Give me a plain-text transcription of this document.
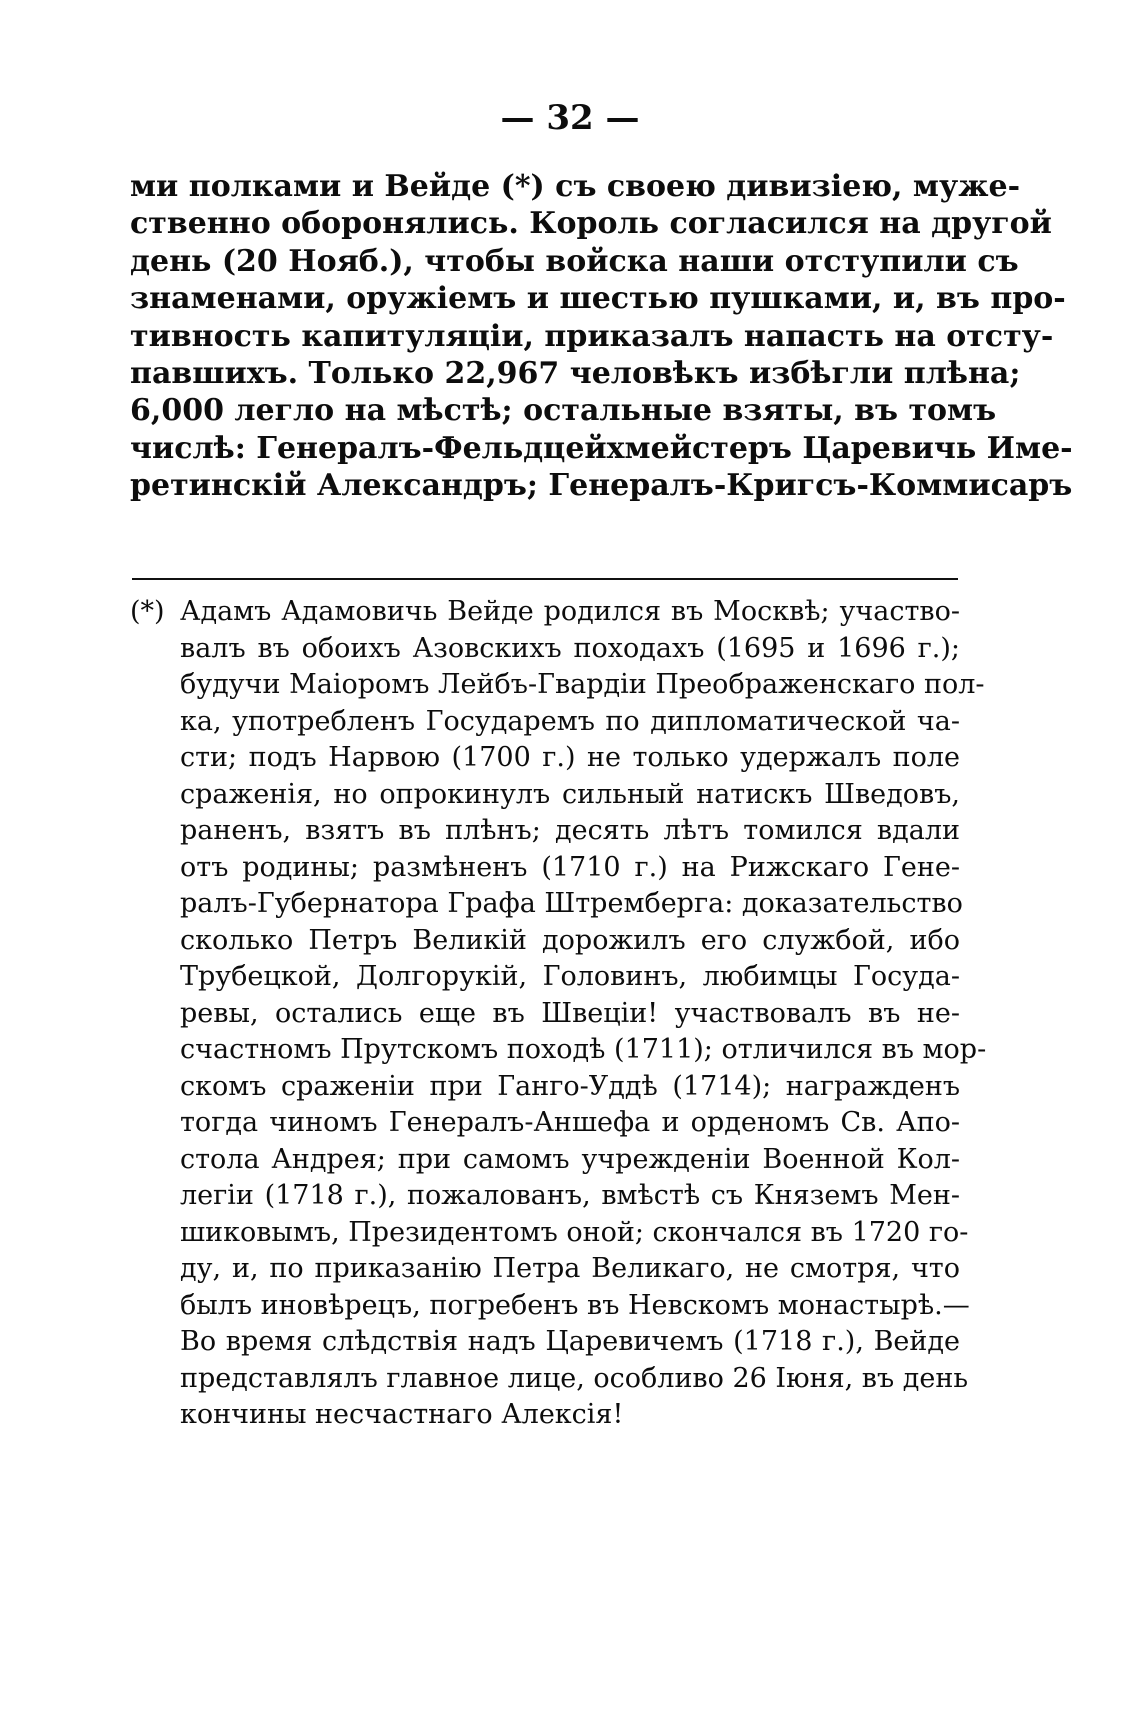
— 32 —
ми полками и Вейде (*) съ своею дивизіею, муже-
ственно оборонялись. Король согласился на другой
день (20 Нояб.), чтобы войска наши отступили съ
знаменами, оружіемъ и шестью пушками, и, въ про-
тивность капитуляціи, приказалъ напасть на отсту-
павшихъ. Только 22,967 человѣкъ избѣгли плѣна;
6,000 легло на мѣстѣ; остальные взяты, въ томъ
числѣ: Генералъ-Фельдцейхмейстеръ Царевичь Име-
ретинскій Александръ; Генералъ-Кригсъ-Коммисаръ
(*) Адамъ Адамовичь Вейде родился въ Москвѣ; участво-
валъ въ обоихъ Азовскихъ походахъ (1695 и 1696 г.);
будучи Маіоромъ Лейбъ-Гвардіи Преображенскаго пол-
ка, употребленъ Государемъ по дипломатической ча-
сти; подъ Нарвою (1700 г.) не только удержалъ поле
сраженія, но опрокинулъ сильный натискъ Шведовъ,
раненъ, взятъ въ плѣнъ; десять лѣтъ томился вдали
отъ родины; размѣненъ (1710 г.) на Рижскаго Гене-
ралъ-Губернатора Графа Штремберга: доказательство
сколько Петръ Великій дорожилъ его службой, ибо
Трубецкой, Долгорукій, Головинъ, любимцы Госуда-
ревы, остались еще въ Швеціи! участвовалъ въ не-
счастномъ Прутскомъ походѣ (1711); отличился въ мор-
скомъ сраженіи при Ганго-Уддѣ (1714); награжденъ
тогда чиномъ Генералъ-Аншефа и орденомъ Св. Апо-
стола Андрея; при самомъ учрежденіи Военной Кол-
легіи (1718 г.), пожалованъ, вмѣстѣ съ Княземъ Мен-
шиковымъ, Президентомъ оной; скончался въ 1720 го-
ду, и, по приказанію Петра Великаго, не смотря, что
былъ иновѣрецъ, погребенъ въ Невскомъ монастырѣ.—
Во время слѣдствія надъ Царевичемъ (1718 г.), Вейде
представлялъ главное лице, особливо 26 Іюня, въ день
кончины несчастнаго Алексія!
